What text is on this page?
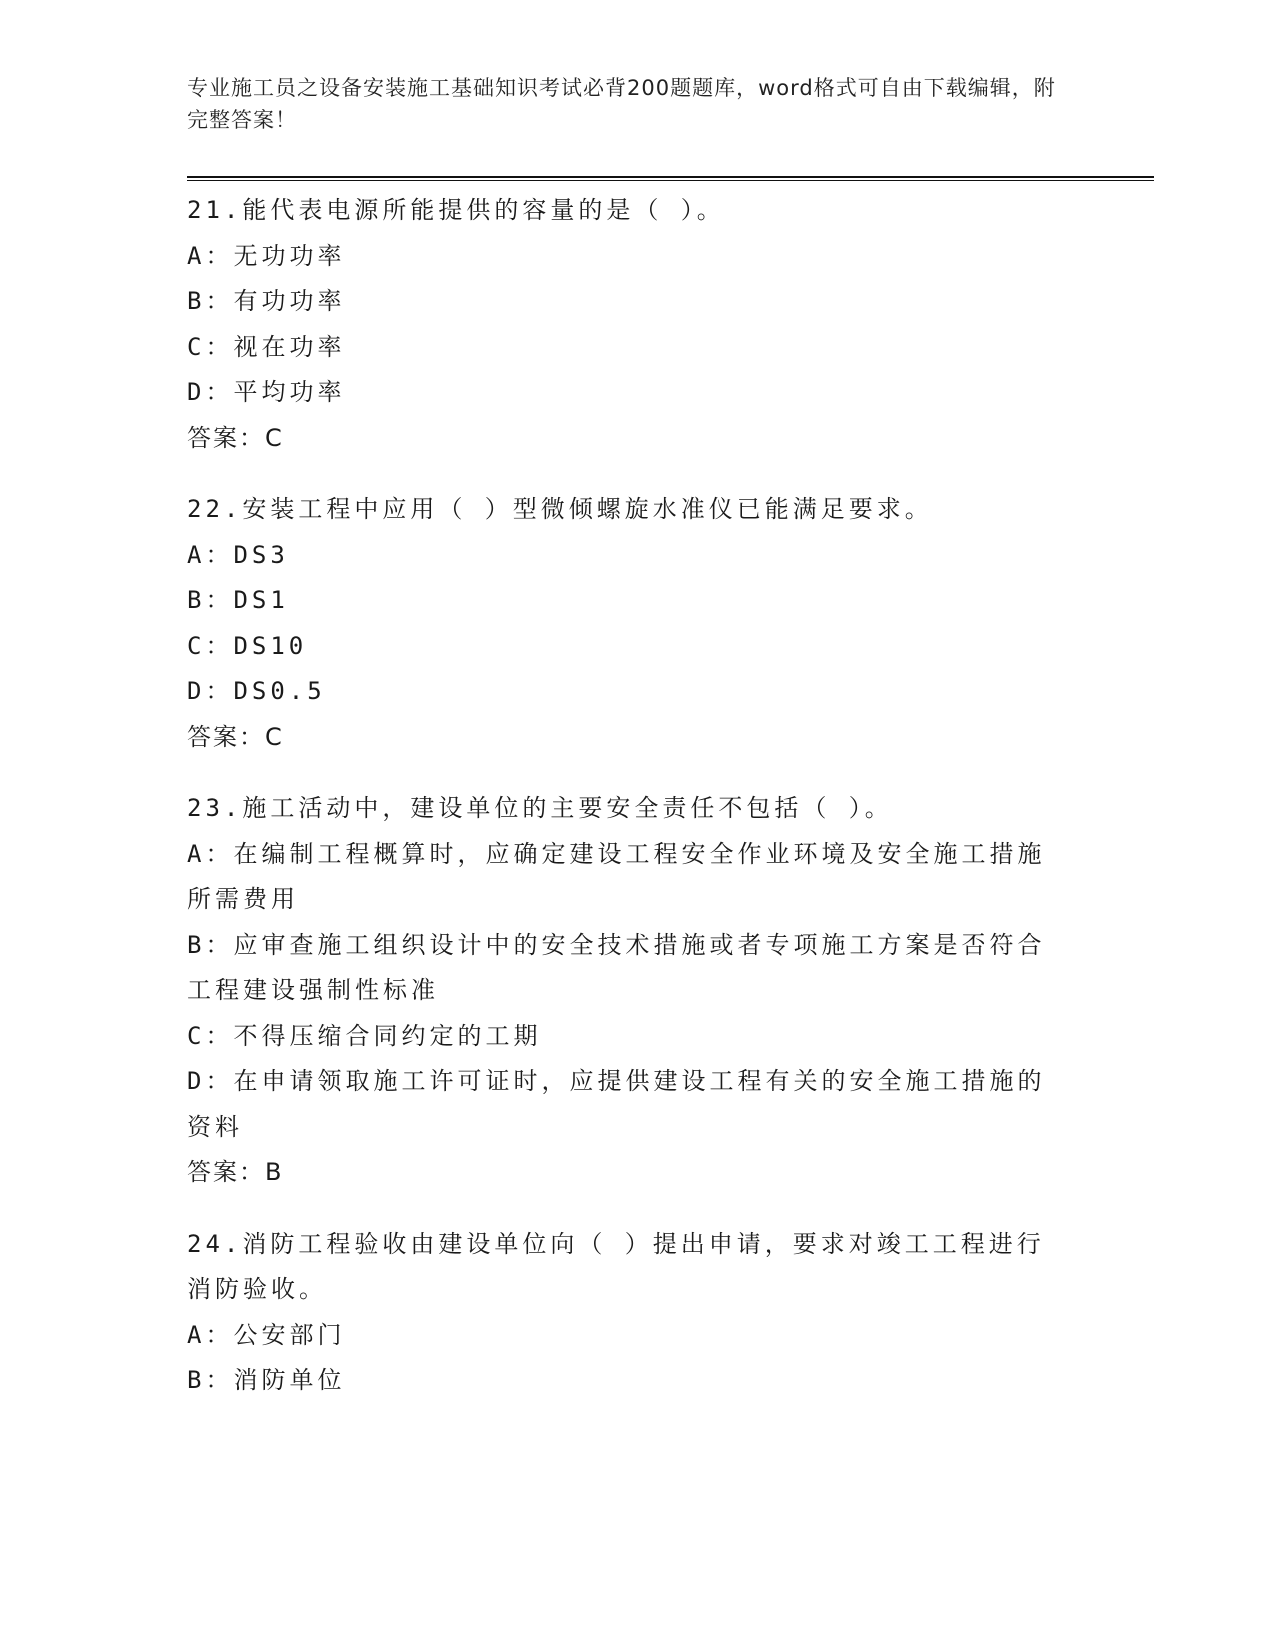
专业施工员之设备安装施工基础知识考试必背200题题库，word格式可自由下载编辑，附完整答案！
21.能代表电源所能提供的容量的是（ ）。
A：无功功率
B：有功功率
C：视在功率
D：平均功率
答案：C
22.安装工程中应用（ ）型微倾螺旋水准仪已能满足要求。
A：DS3
B：DS1
C：DS10
D：DS0.5
答案：C
23.施工活动中，建设单位的主要安全责任不包括（ ）。
A：在编制工程概算时，应确定建设工程安全作业环境及安全施工措施所需费用
B：应审查施工组织设计中的安全技术措施或者专项施工方案是否符合工程建设强制性标准
C：不得压缩合同约定的工期
D：在申请领取施工许可证时，应提供建设工程有关的安全施工措施的资料
答案：B
24.消防工程验收由建设单位向（ ）提出申请，要求对竣工工程进行消防验收。
A：公安部门
B：消防单位
